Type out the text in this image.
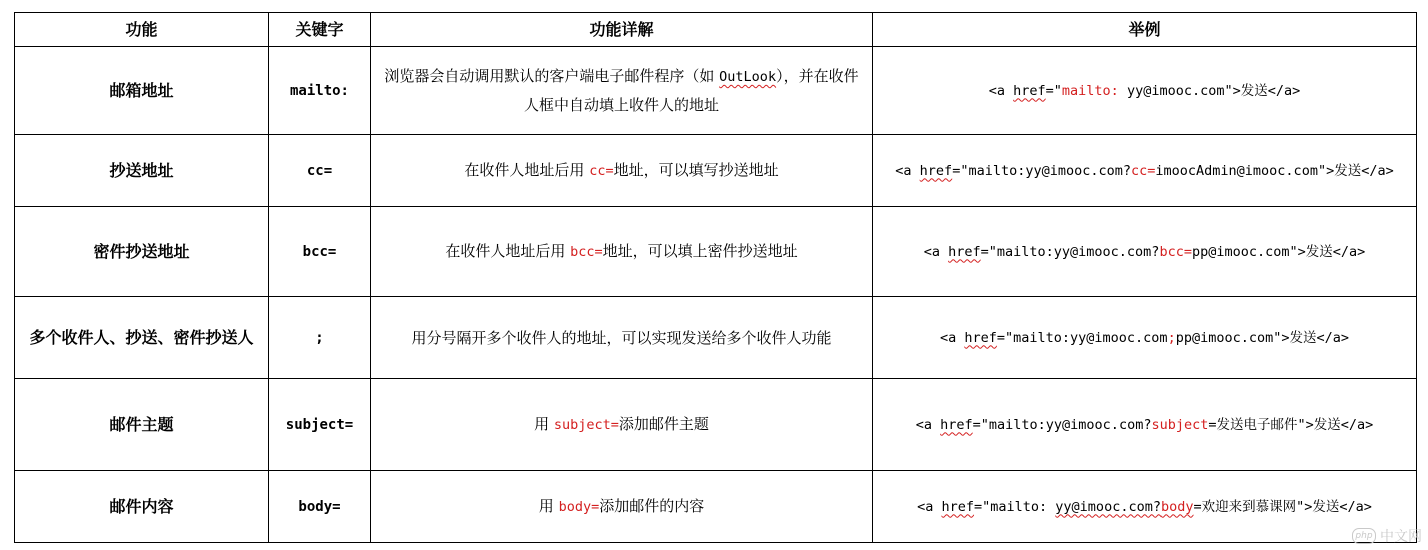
功能	关键字	功能详解	举例
邮箱地址	mailto:	浏览器会自动调用默认的客户端电子邮件程序（如 OutLook），并在收件人框中自动填上收件人的地址	<a href="mailto: yy@imooc.com">发送</a>
抄送地址	cc=	在收件人地址后用 cc=地址，可以填写抄送地址	<a href="mailto:yy@imooc.com?cc=imoocAdmin@imooc.com">发送</a>
密件抄送地址	bcc=	在收件人地址后用 bcc=地址，可以填上密件抄送地址	<a href="mailto:yy@imooc.com?bcc=pp@imooc.com">发送</a>
多个收件人、抄送、密件抄送人	;	用分号隔开多个收件人的地址，可以实现发送给多个收件人功能	<a href="mailto:yy@imooc.com;pp@imooc.com">发送</a>
邮件主题	subject=	用 subject=添加邮件主题	<a href="mailto:yy@imooc.com?subject=发送电子邮件">发送</a>
邮件内容	body=	用 body=添加邮件的内容	<a href="mailto: yy@imooc.com?body=欢迎来到慕课网">发送</a>
php 中文网
